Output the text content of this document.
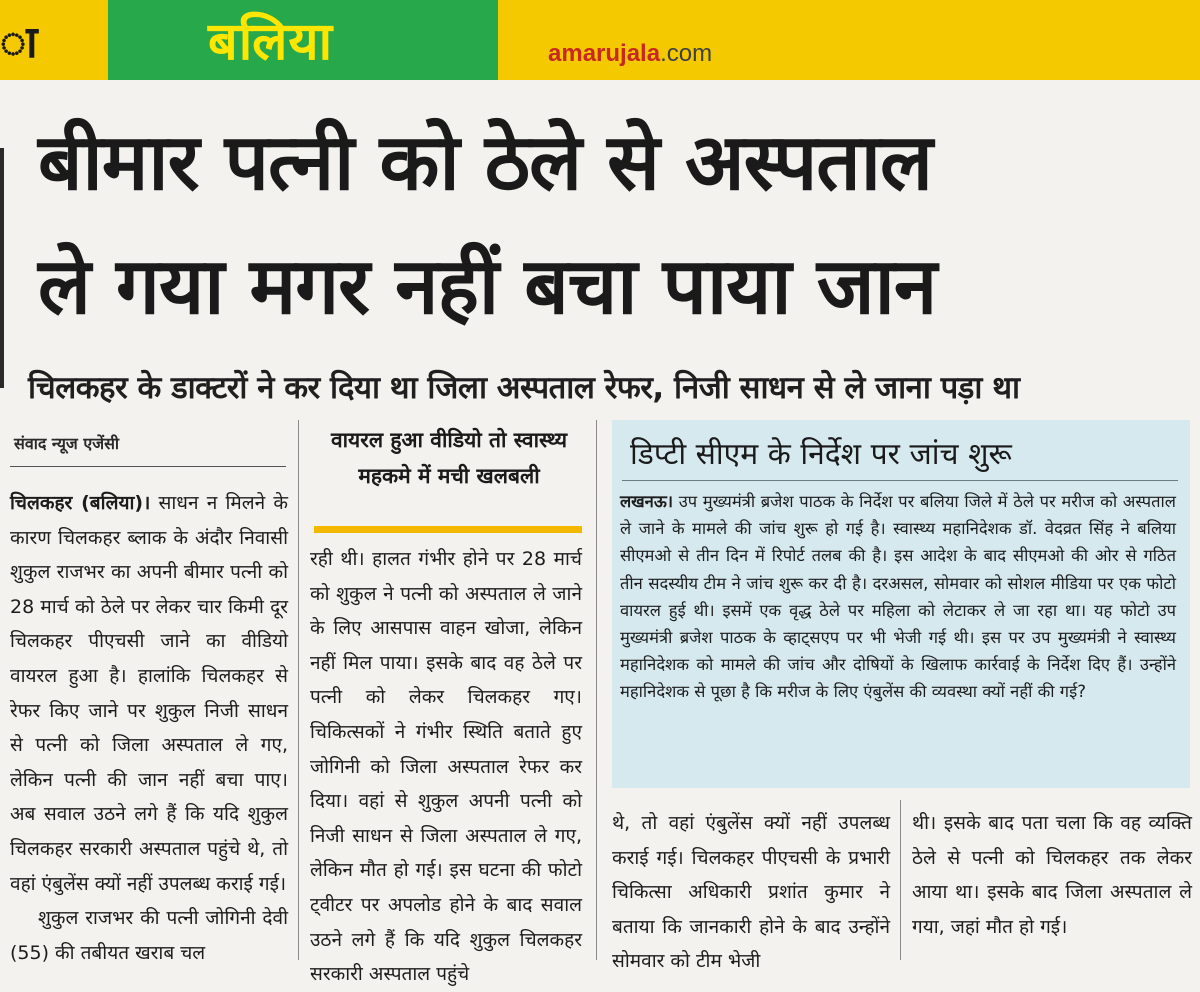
ा	बलिया	amarujala.com
बीमार पत्नी को ठेले से अस्पताल
ले गया मगर नहीं बचा पाया जान
चिलकहर के डाक्टरों ने कर दिया था जिला अस्पताल रेफर, निजी साधन से ले जाना पड़ा था
संवाद न्यूज एजेंसी

चिलकहर (बलिया)। साधन न मिलने के कारण चिलकहर ब्लाक के अंदौर निवासी शुकुल राजभर का अपनी बीमार पत्नी को 28 मार्च को ठेले पर लेकर चार किमी दूर चिलकहर पीएचसी जाने का वीडियो वायरल हुआ है। हालांकि चिलकहर से रेफर किए जाने पर शुकुल निजी साधन से पत्नी को जिला अस्पताल ले गए, लेकिन पत्नी की जान नहीं बचा पाए। अब सवाल उठने लगे हैं कि यदि शुकुल चिलकहर सरकारी अस्पताल पहुंचे थे, तो वहां एंबुलेंस क्यों नहीं उपलब्ध कराई गई।

शुकुल राजभर की पत्नी जोगिनी देवी (55) की तबीयत खराब चल

वायरल हुआ वीडियो तो स्वास्थ्य महकमे में मची खलबली
रही थी। हालत गंभीर होने पर 28 मार्च को शुकुल ने पत्नी को अस्पताल ले जाने के लिए आसपास वाहन खोजा, लेकिन नहीं मिल पाया। इसके बाद वह ठेले पर पत्नी को लेकर चिलकहर गए। चिकित्सकों ने गंभीर स्थिति बताते हुए जोगिनी को जिला अस्पताल रेफर कर दिया। वहां से शुकुल अपनी पत्नी को निजी साधन से जिला अस्पताल ले गए, लेकिन मौत हो गई। इस घटना की फोटो ट्वीटर पर अपलोड होने के बाद सवाल उठने लगे हैं कि यदि शुकुल चिलकहर सरकारी अस्पताल पहुंचे
डिप्टी सीएम के निर्देश पर जांच शुरू
लखनऊ। उप मुख्यमंत्री ब्रजेश पाठक के निर्देश पर बलिया जिले में ठेले पर मरीज को अस्पताल ले जाने के मामले की जांच शुरू हो गई है। स्वास्थ्य महानिदेशक डॉ. वेदव्रत सिंह ने बलिया सीएमओ से तीन दिन में रिपोर्ट तलब की है। इस आदेश के बाद सीएमओ की ओर से गठित तीन सदस्यीय टीम ने जांच शुरू कर दी है। दरअसल, सोमवार को सोशल मीडिया पर एक फोटो वायरल हुई थी। इसमें एक वृद्ध ठेले पर महिला को लेटाकर ले जा रहा था। यह फोटो उप मुख्यमंत्री ब्रजेश पाठक के व्हाट्सएप पर भी भेजी गई थी। इस पर उप मुख्यमंत्री ने स्वास्थ्य महानिदेशक को मामले की जांच और दोषियों के खिलाफ कार्रवाई के निर्देश दिए हैं। उन्होंने महानिदेशक से पूछा है कि मरीज के लिए एंबुलेंस की व्यवस्था क्यों नहीं की गई?
थे, तो वहां एंबुलेंस क्यों नहीं उपलब्ध कराई गई। चिलकहर पीएचसी के प्रभारी चिकित्सा अधिकारी प्रशांत कुमार ने बताया कि जानकारी होने के बाद उन्होंने सोमवार को टीम भेजी
थी। इसके बाद पता चला कि वह व्यक्ति ठेले से पत्नी को चिलकहर तक लेकर आया था। इसके बाद जिला अस्पताल ले गया, जहां मौत हो गई।
